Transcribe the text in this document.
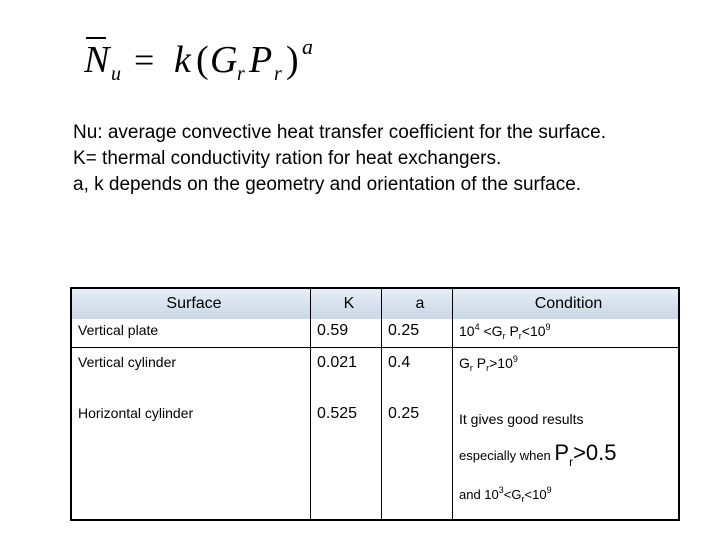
N u = k ( G r P r ) a
Nu: average convective heat transfer coefficient for the surface.
K= thermal conductivity ration for heat exchangers.
a, k depends on the geometry and orientation of the surface.
Surface	K	a	Condition
Vertical plate	0.59	0.25	$10^4 <G_r$ $P_r<10^9$
Vertical cylinder	0.021	0.4	$G_r$ $P_r>10^9$
Horizontal cylinder	0.525	0.25	It gives good results
especially when Pr>0.5
and $10^3<G_r<10^9$
